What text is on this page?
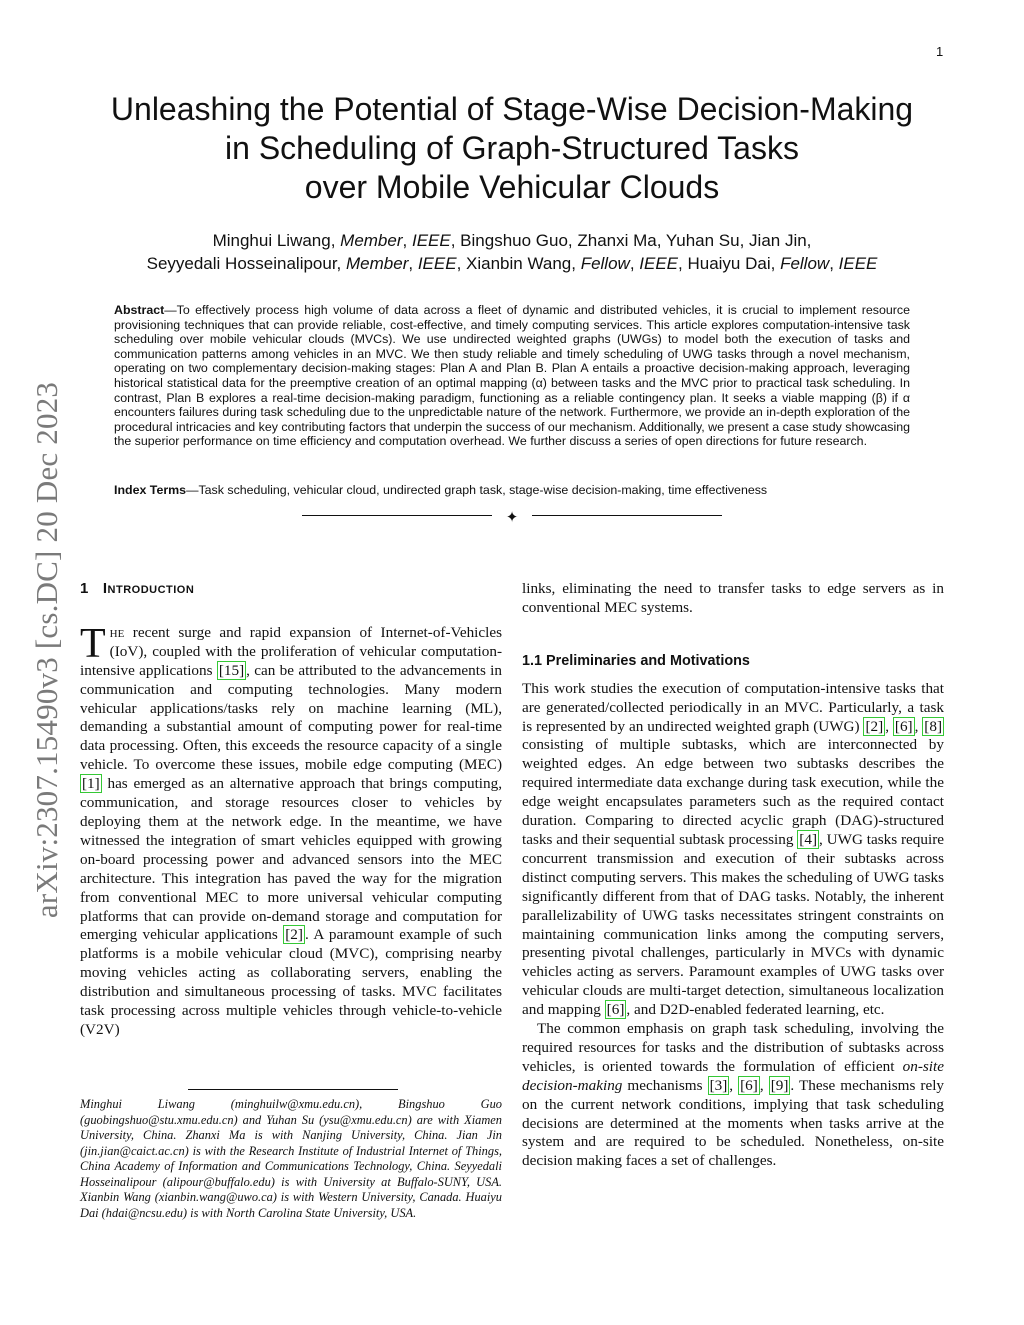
1
arXiv:2307.15490v3 [cs.DC] 20 Dec 2023
Unleashing the Potential of Stage-Wise Decision-Making
in Scheduling of Graph-Structured Tasks
over Mobile Vehicular Clouds
Minghui Liwang, Member, IEEE, Bingshuo Guo, Zhanxi Ma, Yuhan Su, Jian Jin,
Seyyedali Hosseinalipour, Member, IEEE, Xianbin Wang, Fellow, IEEE, Huaiyu Dai, Fellow, IEEE
Abstract—To effectively process high volume of data across a fleet of dynamic and distributed vehicles, it is crucial to implement resource provisioning techniques that can provide reliable, cost-effective, and timely computing services. This article explores computation-intensive task scheduling over mobile vehicular clouds (MVCs). We use undirected weighted graphs (UWGs) to model both the execution of tasks and communication patterns among vehicles in an MVC. We then study reliable and timely scheduling of UWG tasks through a novel mechanism, operating on two complementary decision-making stages: Plan A and Plan B. Plan A entails a proactive decision-making approach, leveraging historical statistical data for the preemptive creation of an optimal mapping (α) between tasks and the MVC prior to practical task scheduling. In contrast, Plan B explores a real-time decision-making paradigm, functioning as a reliable contingency plan. It seeks a viable mapping (β) if α encounters failures during task scheduling due to the unpredictable nature of the network. Furthermore, we provide an in-depth exploration of the procedural intricacies and key contributing factors that underpin the success of our mechanism. Additionally, we present a case study showcasing the superior performance on time efficiency and computation overhead. We further discuss a series of open directions for future research.
Index Terms—Task scheduling, vehicular cloud, undirected graph task, stage-wise decision-making, time effectiveness
✦
1 Introduction

The recent surge and rapid expansion of Internet-of-Vehicles (IoV), coupled with the proliferation of vehicular computation-intensive applications [15] , can be attributed to the advancements in communication and computing technologies. Many modern vehicular applications/tasks rely on machine learning (ML), demanding a substantial amount of computing power for real-time data processing. Often, this exceeds the resource capacity of a single vehicle. To overcome these issues, mobile edge computing (MEC) [1] has emerged as an alternative approach that brings computing, communication, and storage resources closer to vehicles by deploying them at the network edge. In the meantime, we have witnessed the integration of smart vehicles equipped with growing on-board processing power and advanced sensors into the MEC architecture. This integration has paved the way for the migration from conventional MEC to more universal vehicular computing platforms that can provide on-demand storage and computation for emerging vehicular applications [2] . A paramount example of such platforms is a mobile vehicular cloud (MVC), comprising nearby moving vehicles acting as collaborating servers, enabling the distribution and simultaneous processing of tasks. MVC facilitates task processing across multiple vehicles through vehicle-to-vehicle (V2V)

links, eliminating the need to transfer tasks to edge servers as in conventional MEC systems.

1.1 Preliminaries and Motivations

This work studies the execution of computation-intensive tasks that are generated/collected periodically in an MVC. Particularly, a task is represented by an undirected weighted graph (UWG) [2] , [6] , [8] consisting of multiple subtasks, which are interconnected by weighted edges. An edge between two subtasks describes the required intermediate data exchange during task execution, while the edge weight encapsulates parameters such as the required contact duration. Comparing to directed acyclic graph (DAG)-structured tasks and their sequential subtask processing [4] , UWG tasks require concurrent transmission and execution of their subtasks across distinct computing servers. This makes the scheduling of UWG tasks significantly different from that of DAG tasks. Notably, the inherent parallelizability of UWG tasks necessitates stringent constraints on maintaining communication links among the computing servers, presenting pivotal challenges, particularly in MVCs with dynamic vehicles acting as servers. Paramount examples of UWG tasks over vehicular clouds are multi-target detection, simultaneous localization and mapping [6] , and D2D-enabled federated learning, etc.

The common emphasis on graph task scheduling, involving the required resources for tasks and the distribution of subtasks across vehicles, is oriented towards the formulation of efficient on-site decision-making mechanisms [3] , [6] , [9] . These mechanisms rely on the current network conditions, implying that task scheduling decisions are determined at the moments when tasks arrive at the system and are required to be scheduled. Nonetheless, on-site decision making faces a set of challenges.

Minghui Liwang (minghuilw@xmu.edu.cn), Bingshuo Guo (guobingshuo@stu.xmu.edu.cn) and Yuhan Su (ysu@xmu.edu.cn) are with Xiamen University, China. Zhanxi Ma is with Nanjing University, China. Jian Jin (jin.jian@caict.ac.cn) is with the Research Institute of Industrial Internet of Things, China Academy of Information and Communications Technology, China. Seyyedali Hosseinalipour (alipour@buffalo.edu) is with University at Buffalo-SUNY, USA. Xianbin Wang (xianbin.wang@uwo.ca) is with Western University, Canada. Huaiyu Dai (hdai@ncsu.edu) is with North Carolina State University, USA.
